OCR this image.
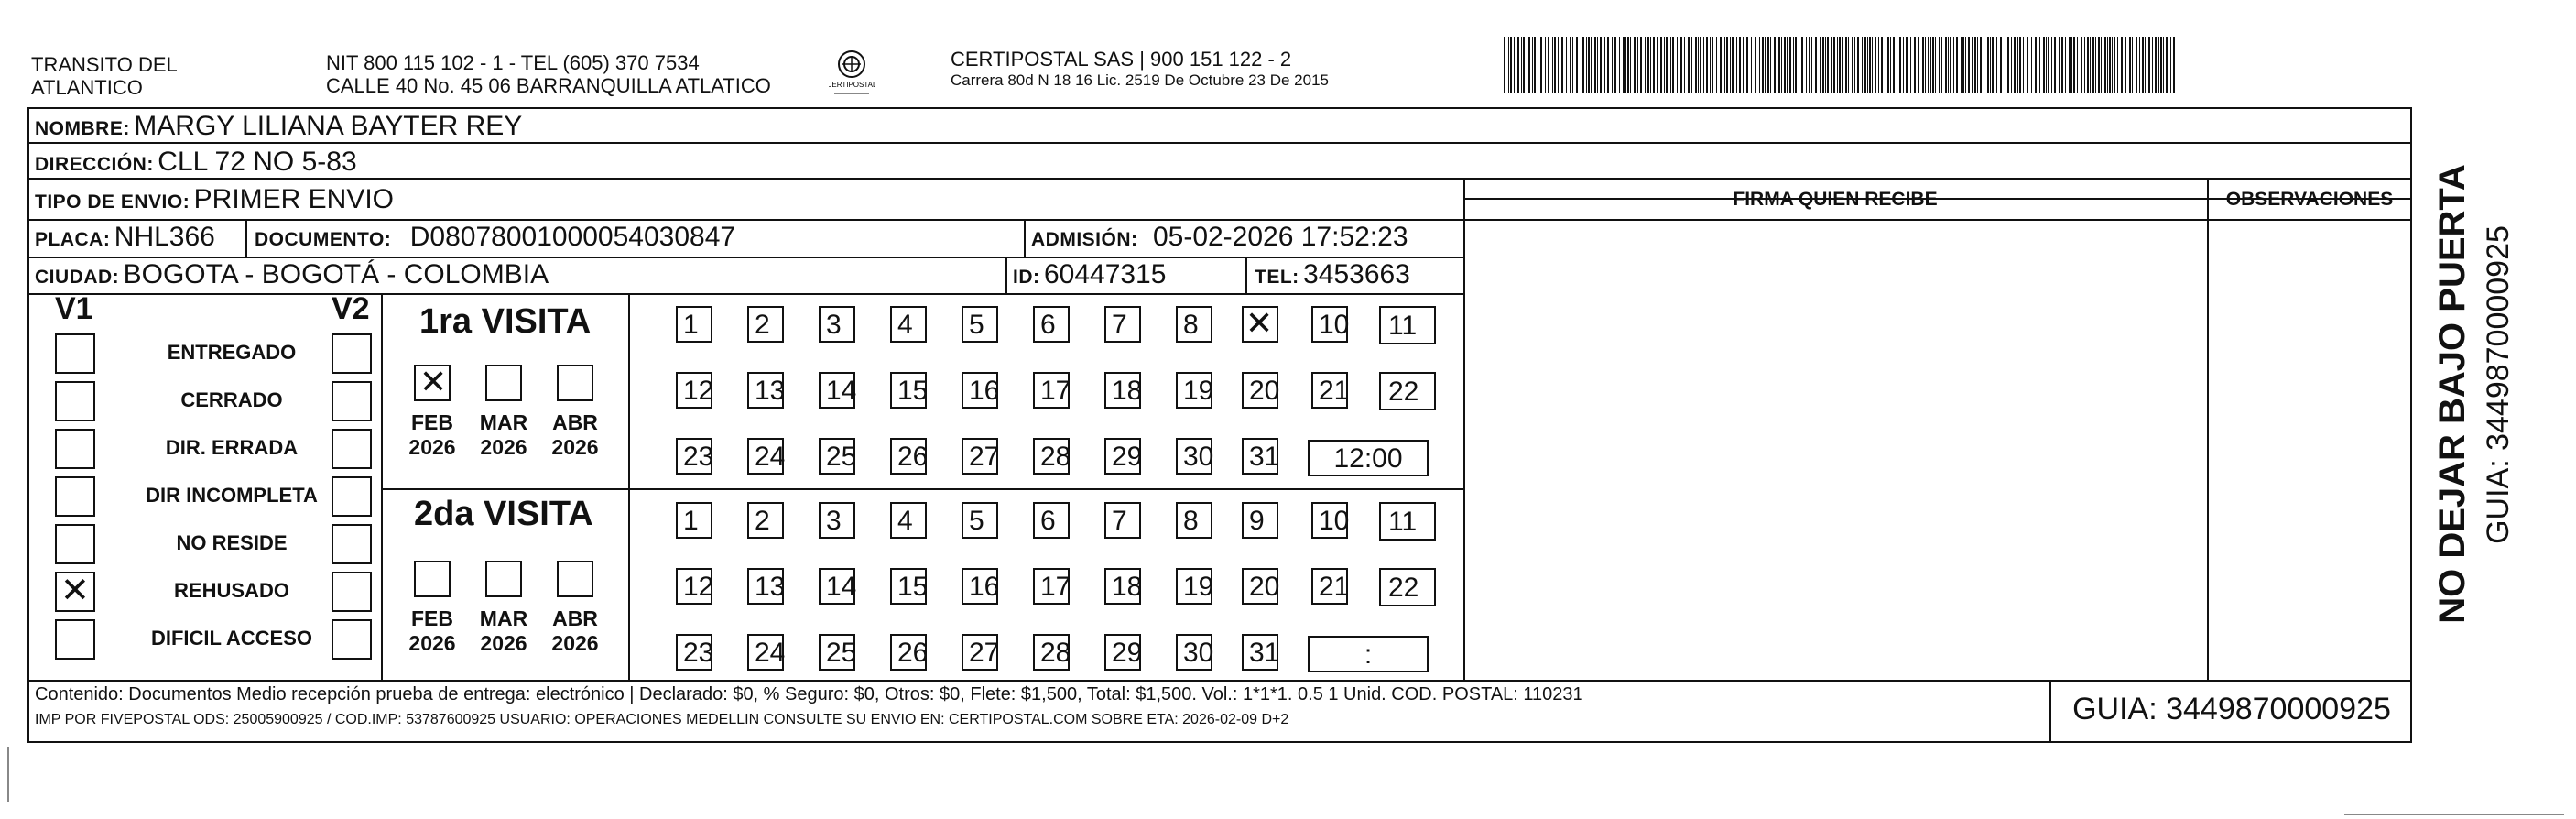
TRANSITO DEL
ATLANTICO
NIT 800 115 102 - 1 - TEL (605) 370 7534
CALLE 40 No. 45 06 BARRANQUILLA ATLATICO	CERTIPOSTAL
CERTIPOSTAL SAS | 900 151 122 - 2
Carrera 80d N 18 16 Lic. 2519 De Octubre 23 De 2015
NOMBRE: MARGY LILIANA BAYTER REY
DIRECCIÓN: CLL 72 NO 5-83
TIPO DE ENVIO: PRIMER ENVIO	FIRMA QUIEN RECIBE	OBSERVACIONES
PLACA: NHL366 DOCUMENTO: D08078001000054030847	ADMISIÓN: 05-02-2026 17:52:23
CIUDAD: BOGOTA - BOGOTÁ - COLOMBIA	ID: 60447315	TEL: 3453663
V1	V2
ENTREGADO
CERRADO
DIR. ERRADA
DIR INCOMPLETA
NO RESIDE
✕	REHUSADO
DIFICIL ACCESO
1ra VISITA
2da VISITA
✕
FEB
2026
MAR
2026
ABR
2026
1	2	3	4	5	6	7	8	✕ 10	11
12 13 14 15 16 17 18 19 20 21	22
23 24 25 26 27 28 29 30 31	12:00
FEB
2026
MAR
2026
ABR
2026
1	2	3	4	5	6	7	8	9	10	11
12 13 14 15 16 17 18 19 20 21	22
23 24 25 26 27 28 29 30 31	:
Contenido: Documentos Medio recepción prueba de entrega: electrónico | Declarado: $0, % Seguro: $0, Otros: $0, Flete: $1,500, Total: $1,500. Vol.: 1*1*1. 0.5 1 Unid. COD. POSTAL: 110231
IMP POR FIVEPOSTAL ODS: 25005900925 / COD.IMP: 53787600925 USUARIO: OPERACIONES MEDELLIN CONSULTE SU ENVIO EN: CERTIPOSTAL.COM SOBRE ETA: 2026-02-09 D+2	GUIA: 3449870000925
NO DEJAR BAJO PUERTA GUIA: 3449870000925
